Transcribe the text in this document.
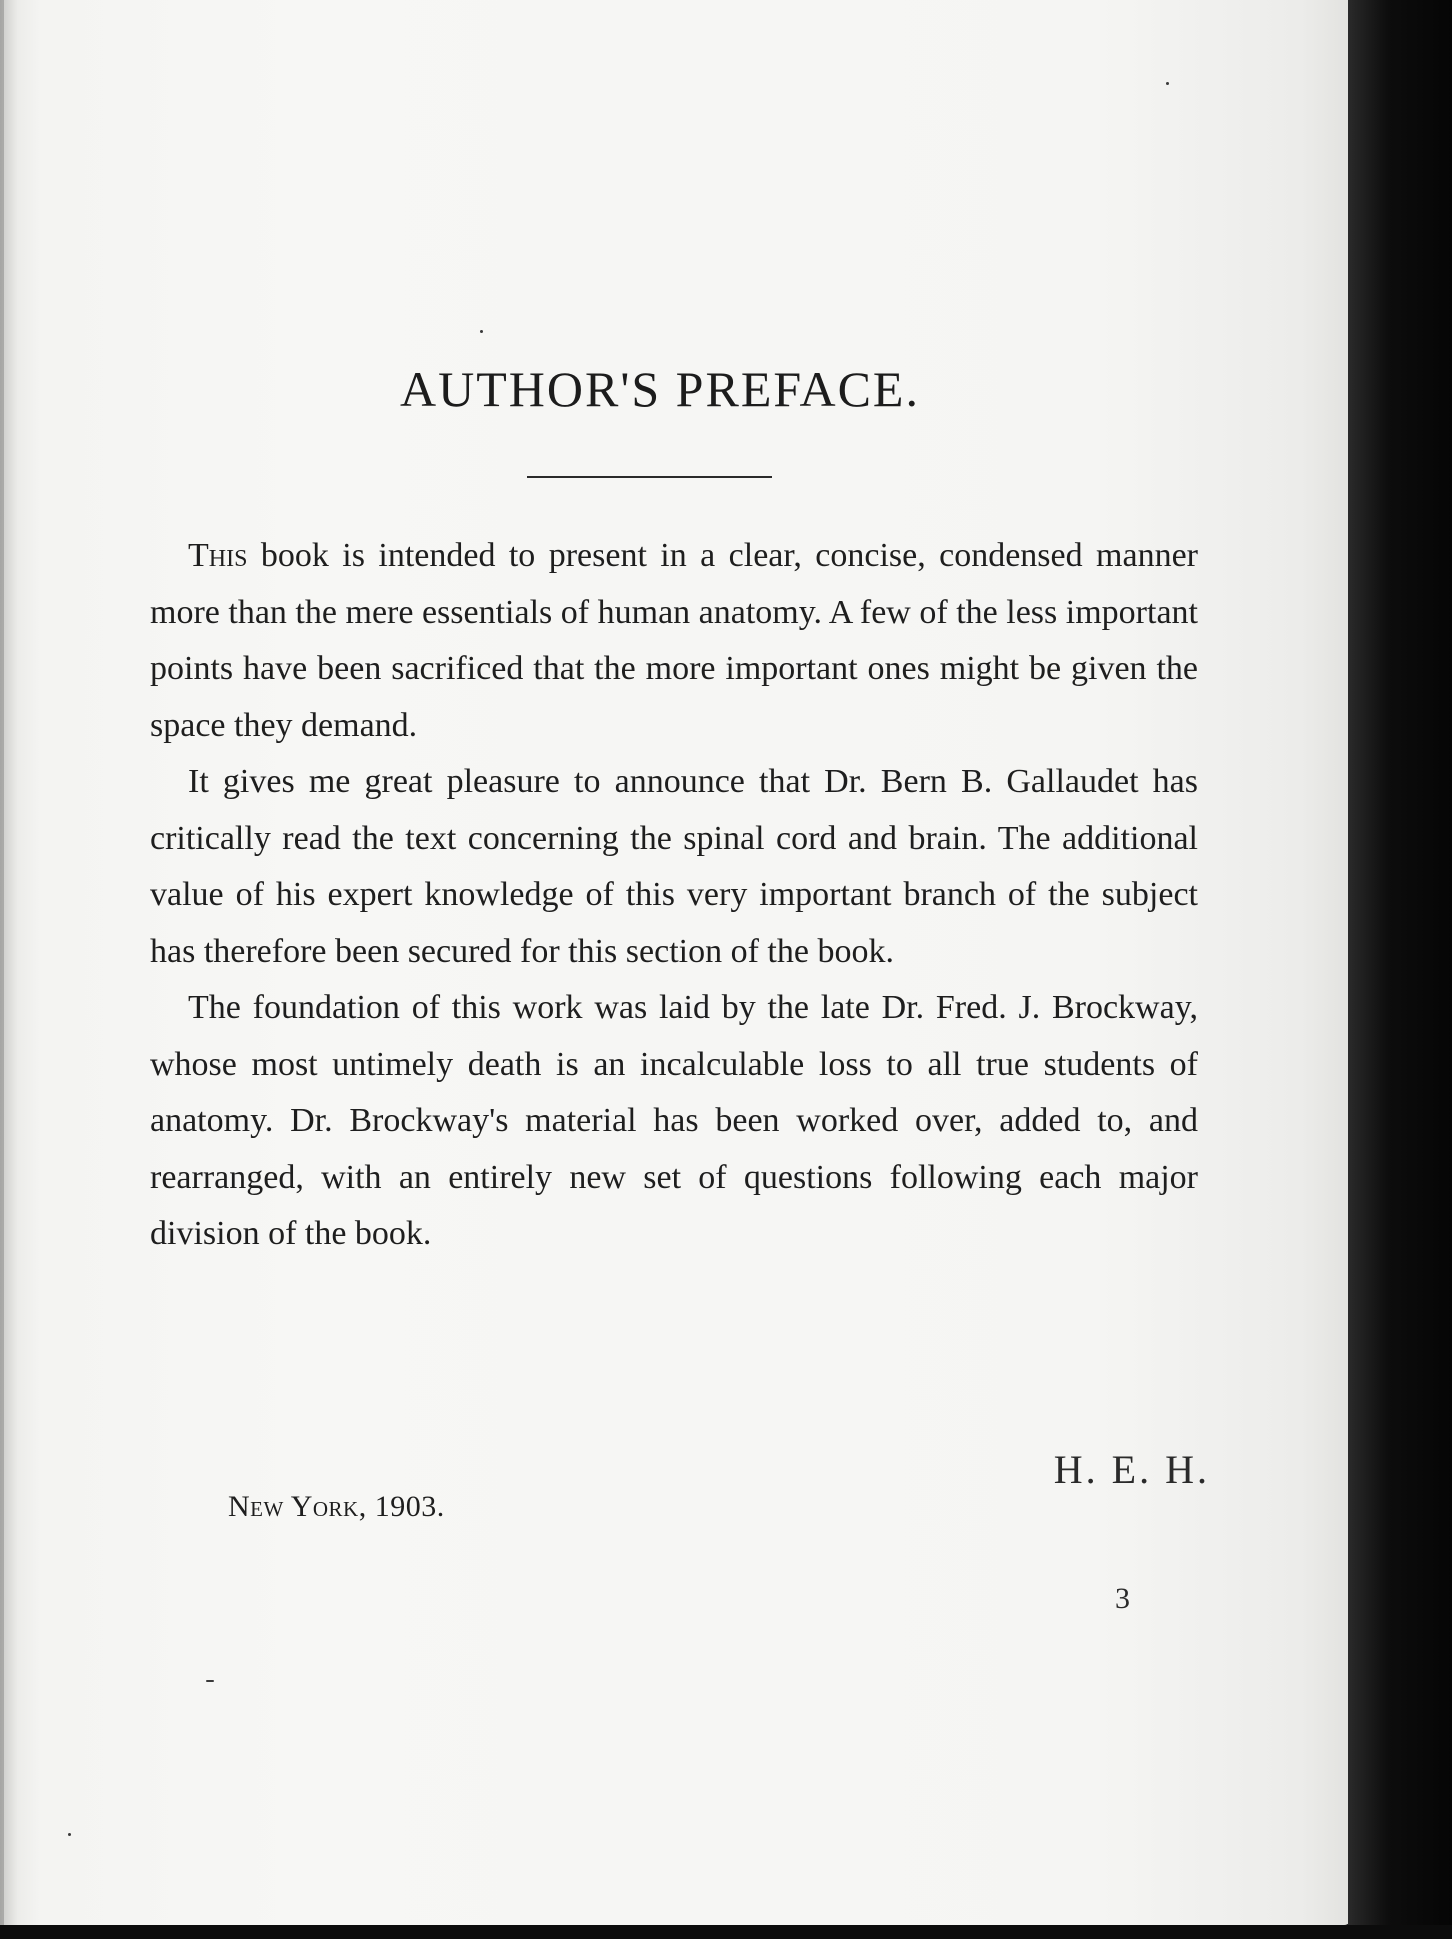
AUTHOR'S PREFACE.

This book is intended to present in a clear, concise, condensed manner more than the mere essentials of human anatomy. A few of the less important points have been sacrificed that the more important ones might be given the space they demand.

It gives me great pleasure to announce that Dr. Bern B. Gallaudet has critically read the text concerning the spinal cord and brain. The additional value of his expert knowledge of this very important branch of the subject has therefore been secured for this section of the book.

The foundation of this work was laid by the late Dr. Fred. J. Brockway, whose most untimely death is an incalculable loss to all true students of anatomy. Dr. Brockway's material has been worked over, added to, and rearranged, with an entirely new set of questions following each major division of the book.

H. E. H.
New York, 1903.
3
